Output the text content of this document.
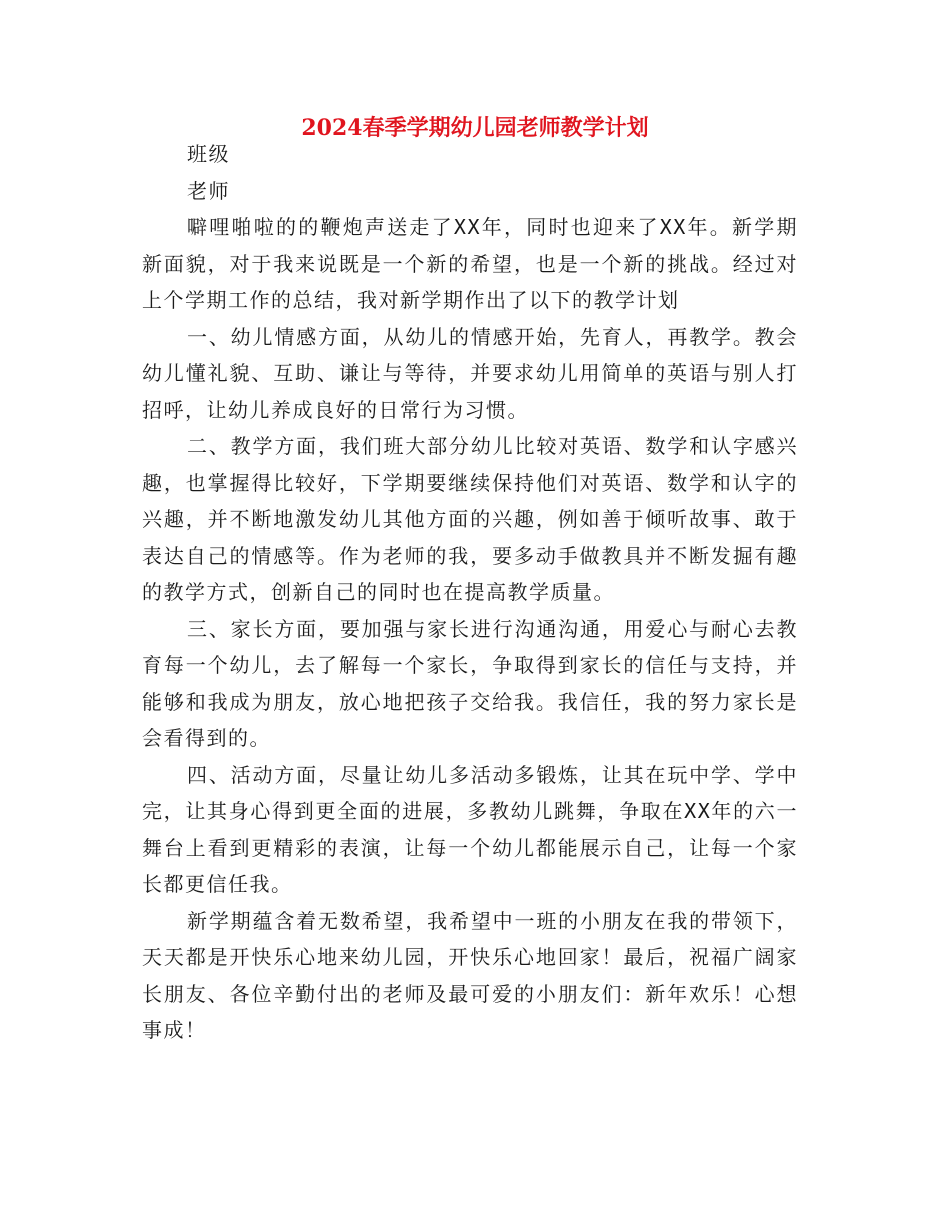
2024春季学期幼儿园老师教学计划

班级

老师

噼哩啪啦的的鞭炮声送走了XX年，同时也迎来了XX年。新学期新面貌，对于我来说既是一个新的希望，也是一个新的挑战。经过对上个学期工作的总结，我对新学期作出了以下的教学计划

一、幼儿情感方面，从幼儿的情感开始，先育人，再教学。教会幼儿懂礼貌、互助、谦让与等待，并要求幼儿用简单的英语与别人打招呼，让幼儿养成良好的日常行为习惯。

二、教学方面，我们班大部分幼儿比较对英语、数学和认字感兴趣，也掌握得比较好，下学期要继续保持他们对英语、数学和认字的兴趣，并不断地激发幼儿其他方面的兴趣，例如善于倾听故事、敢于表达自己的情感等。作为老师的我，要多动手做教具并不断发掘有趣的教学方式，创新自己的同时也在提高教学质量。

三、家长方面，要加强与家长进行沟通沟通，用爱心与耐心去教育每一个幼儿，去了解每一个家长，争取得到家长的信任与支持，并能够和我成为朋友，放心地把孩子交给我。我信任，我的努力家长是会看得到的。

四、活动方面，尽量让幼儿多活动多锻炼，让其在玩中学、学中完，让其身心得到更全面的进展，多教幼儿跳舞，争取在XX年的六一舞台上看到更精彩的表演，让每一个幼儿都能展示自己，让每一个家长都更信任我。

新学期蕴含着无数希望，我希望中一班的小朋友在我的带领下，天天都是开快乐心地来幼儿园，开快乐心地回家！最后，祝福广阔家长朋友、各位辛勤付出的老师及最可爱的小朋友们：新年欢乐！心想事成！
